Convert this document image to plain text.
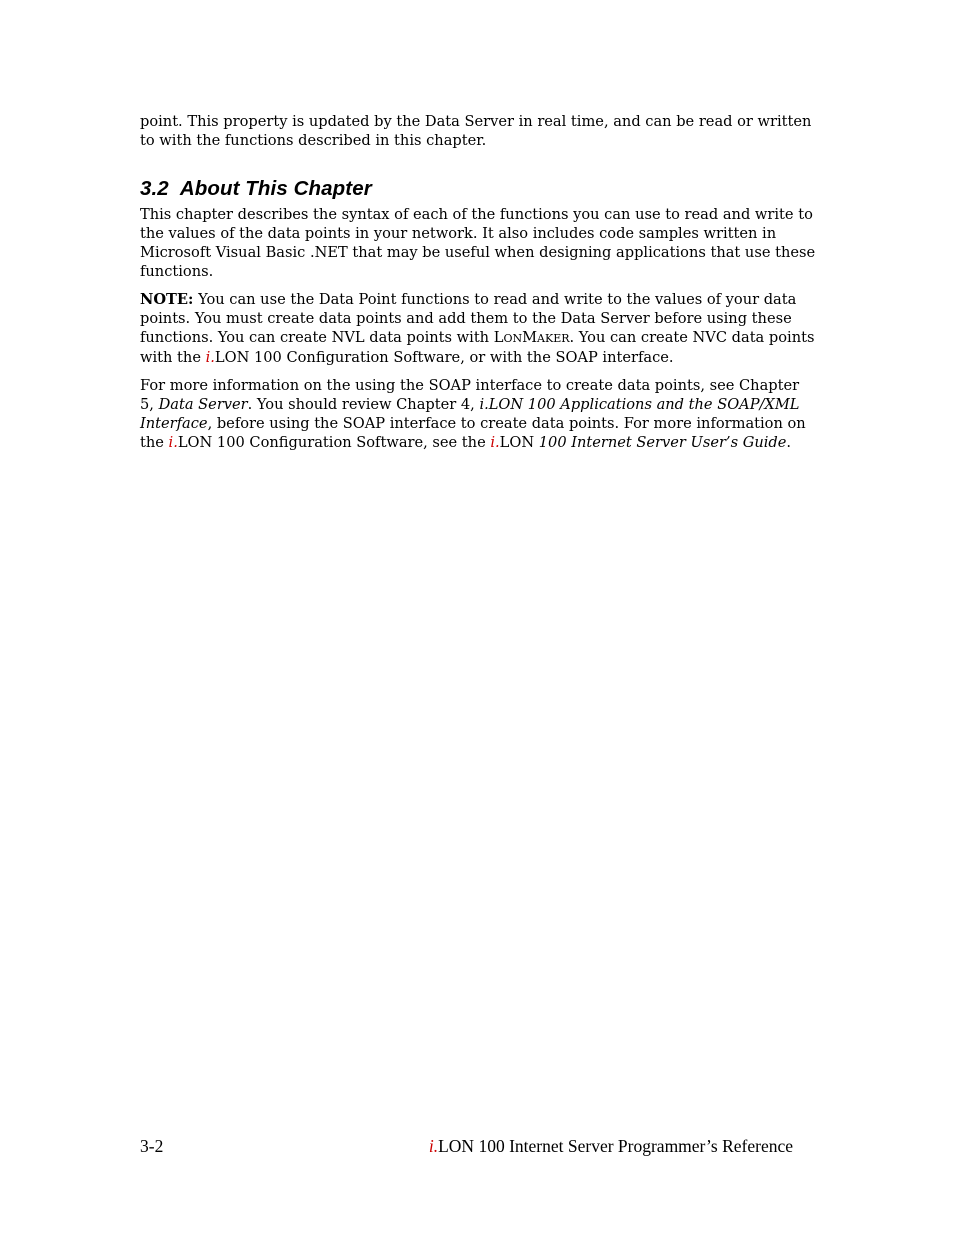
point. This property is updated by the Data Server in real time, and can be read or written to with the functions described in this chapter.

3.2 About This Chapter

This chapter describes the syntax of each of the functions you can use to read and write to the values of the data points in your network. It also includes code samples written in Microsoft Visual Basic .NET that may be useful when designing applications that use these functions.

NOTE: You can use the Data Point functions to read and write to the values of your data points. You must create data points and add them to the Data Server before using these functions. You can create NVL data points with LONMAKER. You can create NVC data points with the i.LON 100 Configuration Software, or with the SOAP interface.

For more information on the using the SOAP interface to create data points, see Chapter 5, Data Server. You should review Chapter 4, i.LON 100 Applications and the SOAP/XML Interface, before using the SOAP interface to create data points. For more information on the i.LON 100 Configuration Software, see the i.LON 100 Internet Server User’s Guide.

3-2	i.LON 100 Internet Server Programmer’s Reference
